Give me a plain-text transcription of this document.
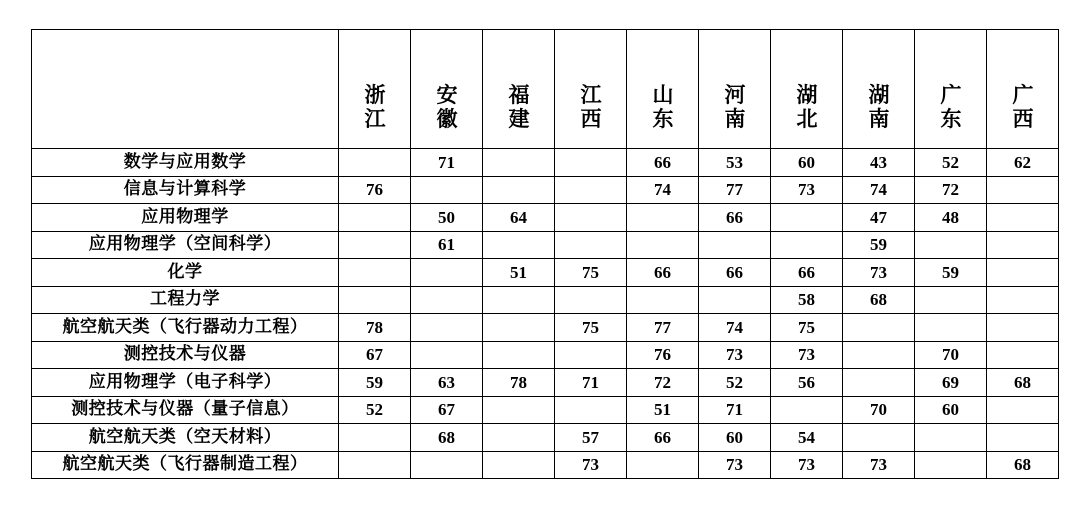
	浙江	安徽	福建	江西	山东	河南	湖北	湖南	广东	广西
数学与应用数学		71			66	53	60	43	52	62
信息与计算科学	76				74	77	73	74	72	
应用物理学		50	64			66		47	48	
应用物理学（空间科学）		61						59		
化学			51	75	66	66	66	73	59	
工程力学							58	68		
航空航天类（飞行器动力工程）	78			75	77	74	75			
测控技术与仪器	67				76	73	73		70	
应用物理学（电子科学）	59	63	78	71	72	52	56		69	68
测控技术与仪器（量子信息）	52	67			51	71		70	60	
航空航天类（空天材料）		68		57	66	60	54			
航空航天类（飞行器制造工程）				73		73	73	73		68
